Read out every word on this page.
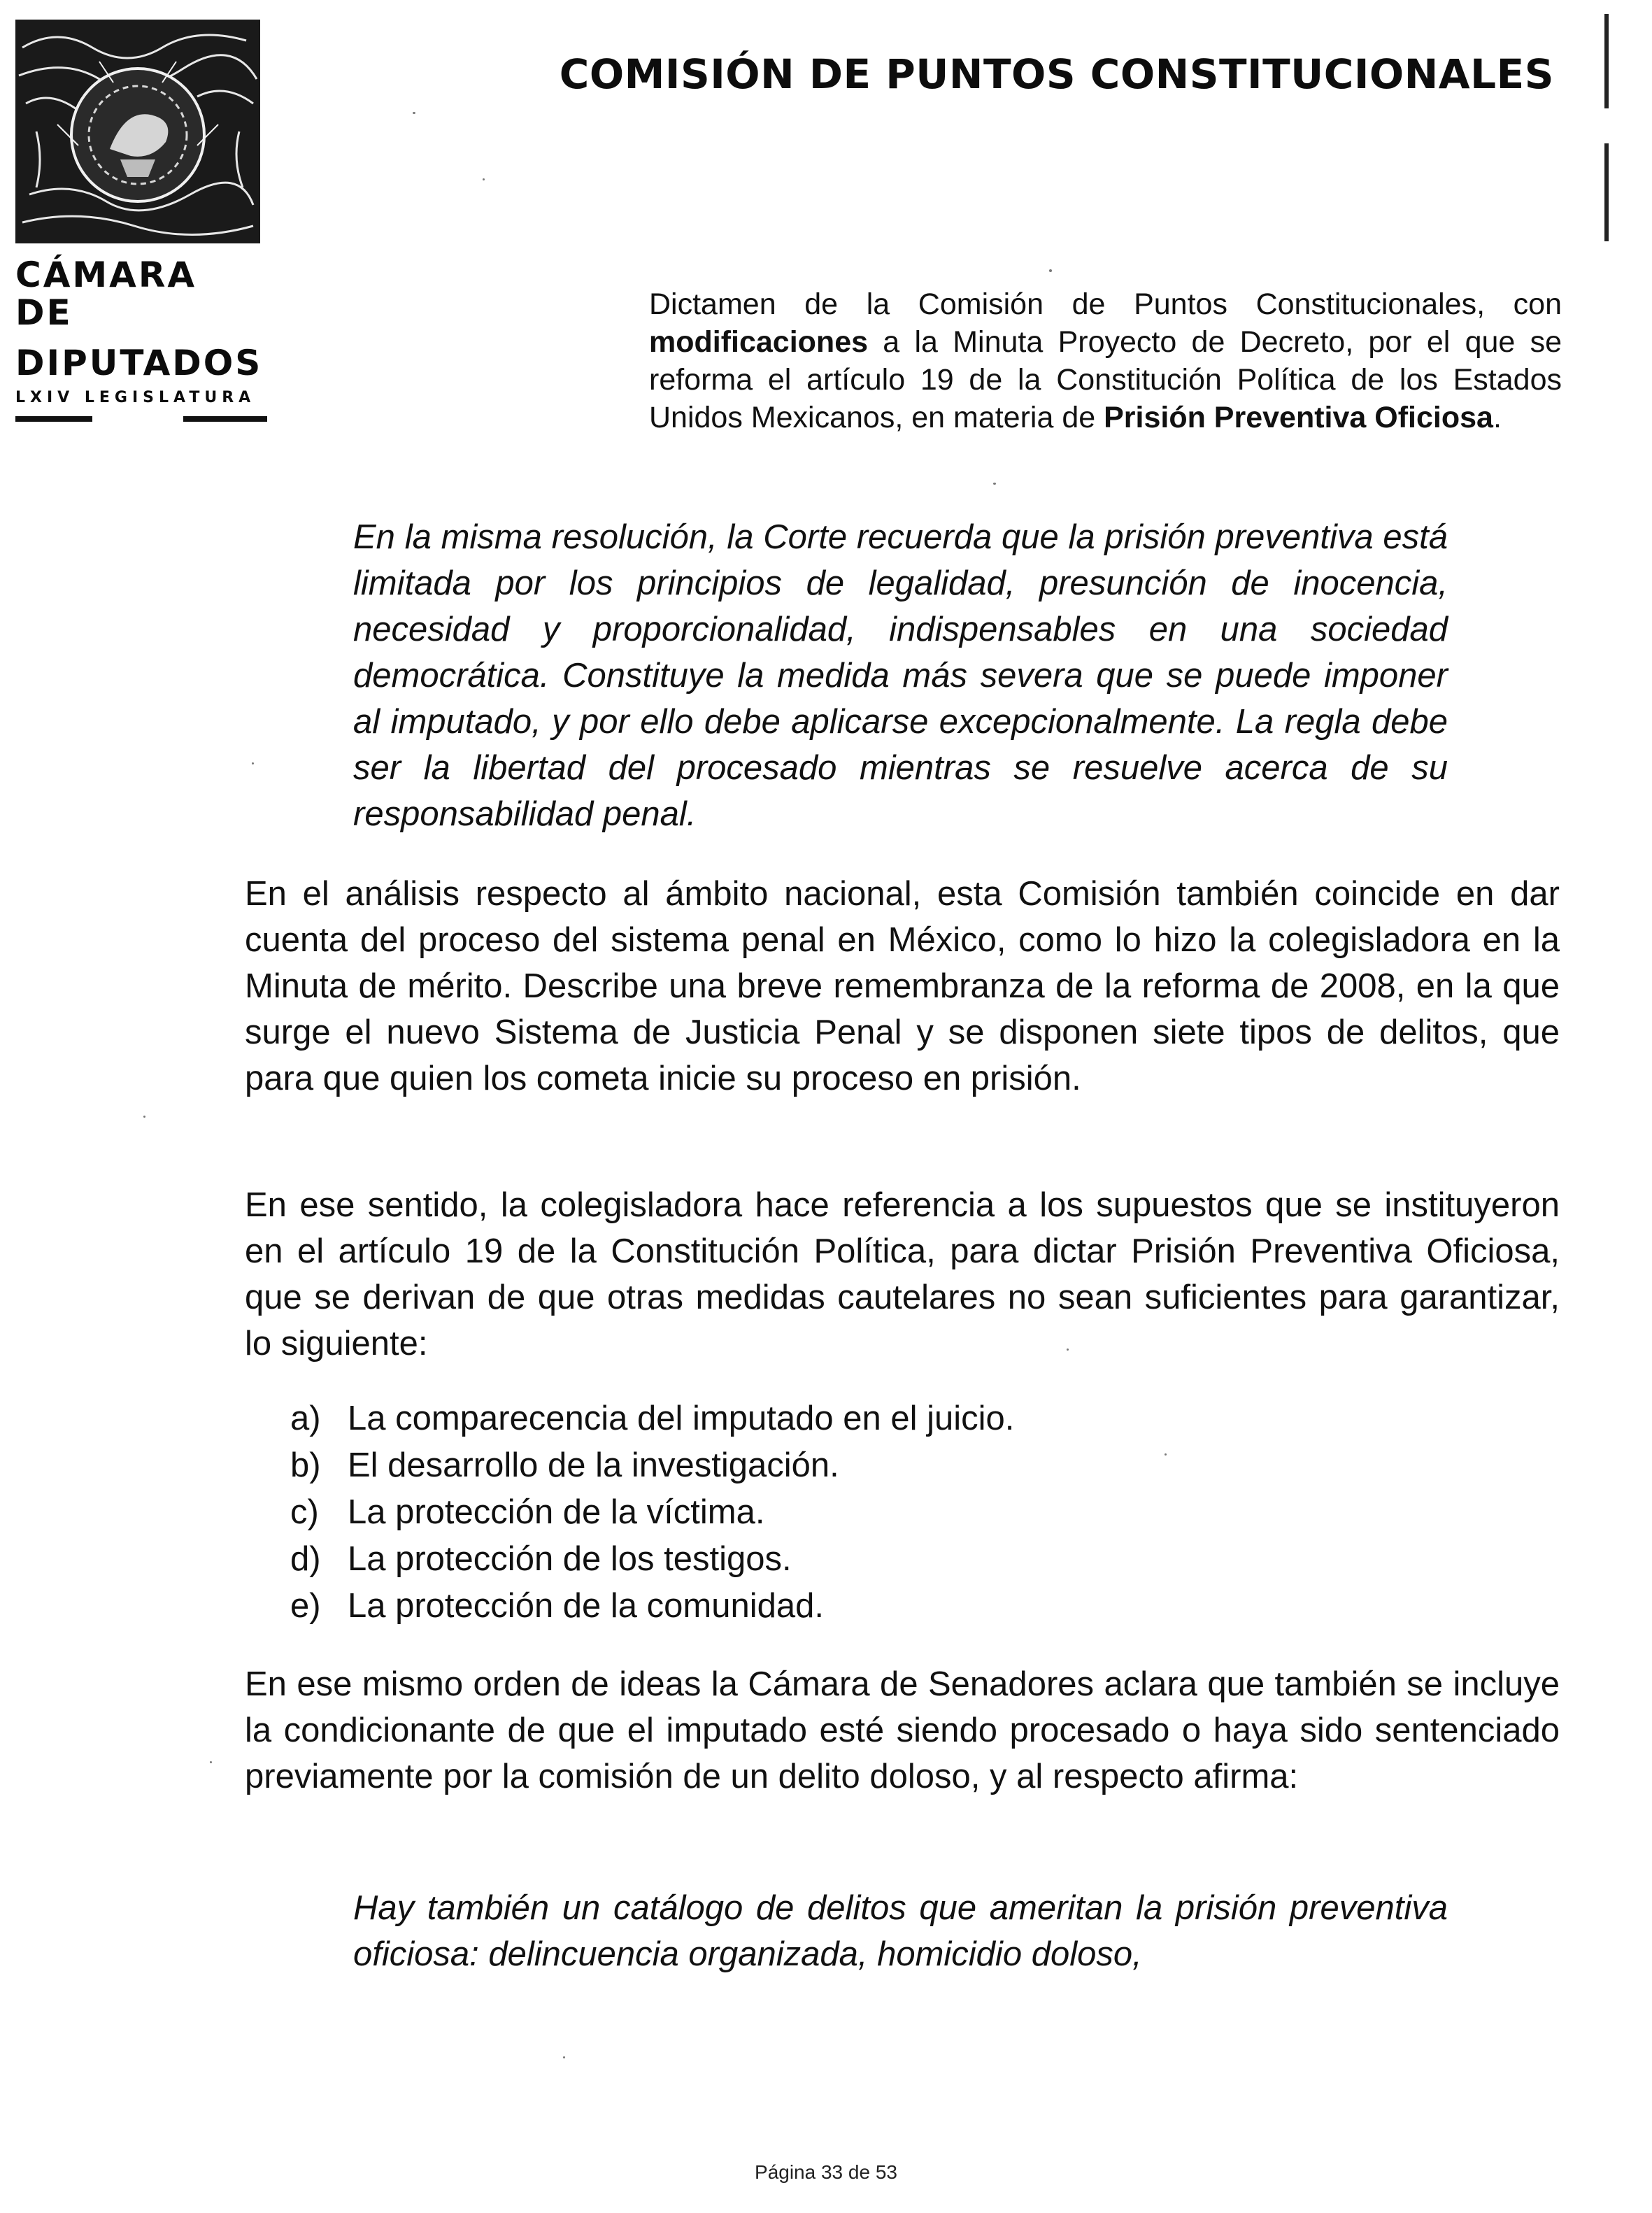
CÁMARA DE
DIPUTADOS
LXIV LEGISLATURA
COMISIÓN DE PUNTOS CONSTITUCIONALES
Dictamen de la Comisión de Puntos Constitucionales, con modificaciones a la Minuta Proyecto de Decreto, por el que se reforma el artículo 19 de la Constitución Política de los Estados Unidos Mexicanos, en materia de Prisión Preventiva Oficiosa.
En la misma resolución, la Corte recuerda que la prisión preventiva está limitada por los principios de legalidad, presunción de inocencia, necesidad y proporcionalidad, indispensables en una sociedad democrática. Constituye la medida más severa que se puede imponer al imputado, y por ello debe aplicarse excepcionalmente. La regla debe ser la libertad del procesado mientras se resuelve acerca de su responsabilidad penal.
En el análisis respecto al ámbito nacional, esta Comisión también coincide en dar cuenta del proceso del sistema penal en México, como lo hizo la colegisladora en la Minuta de mérito. Describe una breve remembranza de la reforma de 2008, en la que surge el nuevo Sistema de Justicia Penal y se disponen siete tipos de delitos, que para que quien los cometa inicie su proceso en prisión.
En ese sentido, la colegisladora hace referencia a los supuestos que se instituyeron en el artículo 19 de la Constitución Política, para dictar Prisión Preventiva Oficiosa, que se derivan de que otras medidas cautelares no sean suficientes para garantizar, lo siguiente:
a) La comparecencia del imputado en el juicio.
b) El desarrollo de la investigación.
c) La protección de la víctima.
d) La protección de los testigos.
e) La protección de la comunidad.
En ese mismo orden de ideas la Cámara de Senadores aclara que también se incluye la condicionante de que el imputado esté siendo procesado o haya sido sentenciado previamente por la comisión de un delito doloso, y al respecto afirma:
Hay también un catálogo de delitos que ameritan la prisión preventiva oficiosa: delincuencia organizada, homicidio doloso,
Página 33 de 53
